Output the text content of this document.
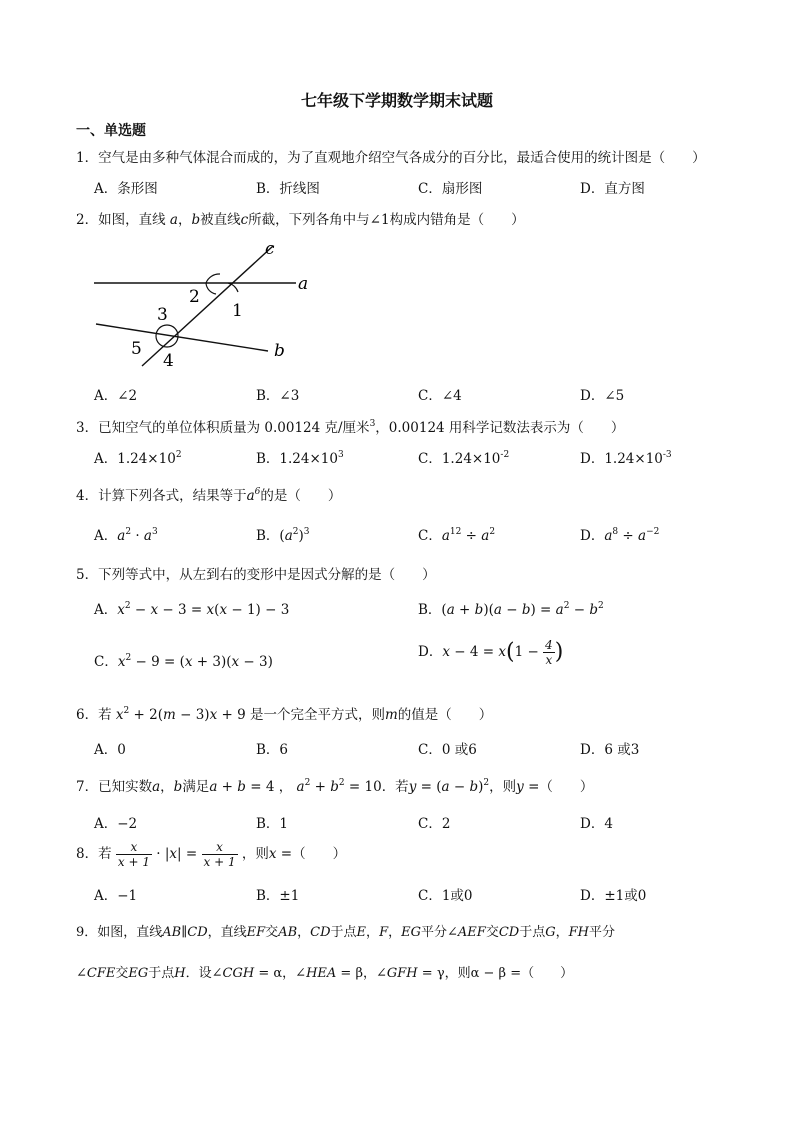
七年级下学期数学期末试题
一、单选题
1．空气是由多种气体混合而成的，为了直观地介绍空气各成分的百分比，最适合使用的统计图是（　　）
A．条形图	B．折线图	C．扇形图	D．直方图
2．如图，直线 a，b被直线c所截，下列各角中与∠1构成内错角是（　　）
c
a
b
1
2
3
4
5
A．∠2	B．∠3	C．∠4	D．∠5
3．已知空气的单位体积质量为 0.00124 克/厘米$^3$，0.00124 用科学记数法表示为（　　）
A．$1.24\times 10^2$	B．$1.24\times 10^3$	C．$1.24\times 10^{-2}$	D．$1.24\times 10^{-3}$
4．计算下列各式，结果等于$a^6$的是（　　）
A．$a^2 \cdot a^3$	B．$(a^2)^3$	C．$a^{12} \div a^2$	D．$a^8 \div a^{-2}$
5．下列等式中，从左到右的变形中是因式分解的是（　　）
A．$x^2 - x - 3 = x(x - 1) - 3$	B．$(a + b)(a - b) = a^2 - b^2$
C．$x^2 - 9 = (x + 3)(x - 3)$
D．$x - 4 = x(1 - \frac{4}{x}$ )
6．若 $x^2 + 2(m - 3)x + 9$ 是一个完全平方式，则m的值是（　　）
A．0	B．6	C．0 或6	D．6 或3
7．已知实数a，b满足a + b = 4 ， $a^2 + b^2 = 10$．若$y = (a - b)^2$，则y =（　　）
A．−2	B．1	C．2	D．4
8．若 $\frac{x}{x + 1} \cdot |x| = \frac{x}{x + 1}$ ，则x =（　　）
A．−1	B．±1	C．1或0	D．±1或0
9．如图，直线AB∥CD，直线EF交AB，CD于点E，F，EG平分∠AEF交CD于点G，FH平分
∠CFE交EG于点H．设∠CGH = α，∠HEA = β，∠GFH = γ，则α − β =（　　）
